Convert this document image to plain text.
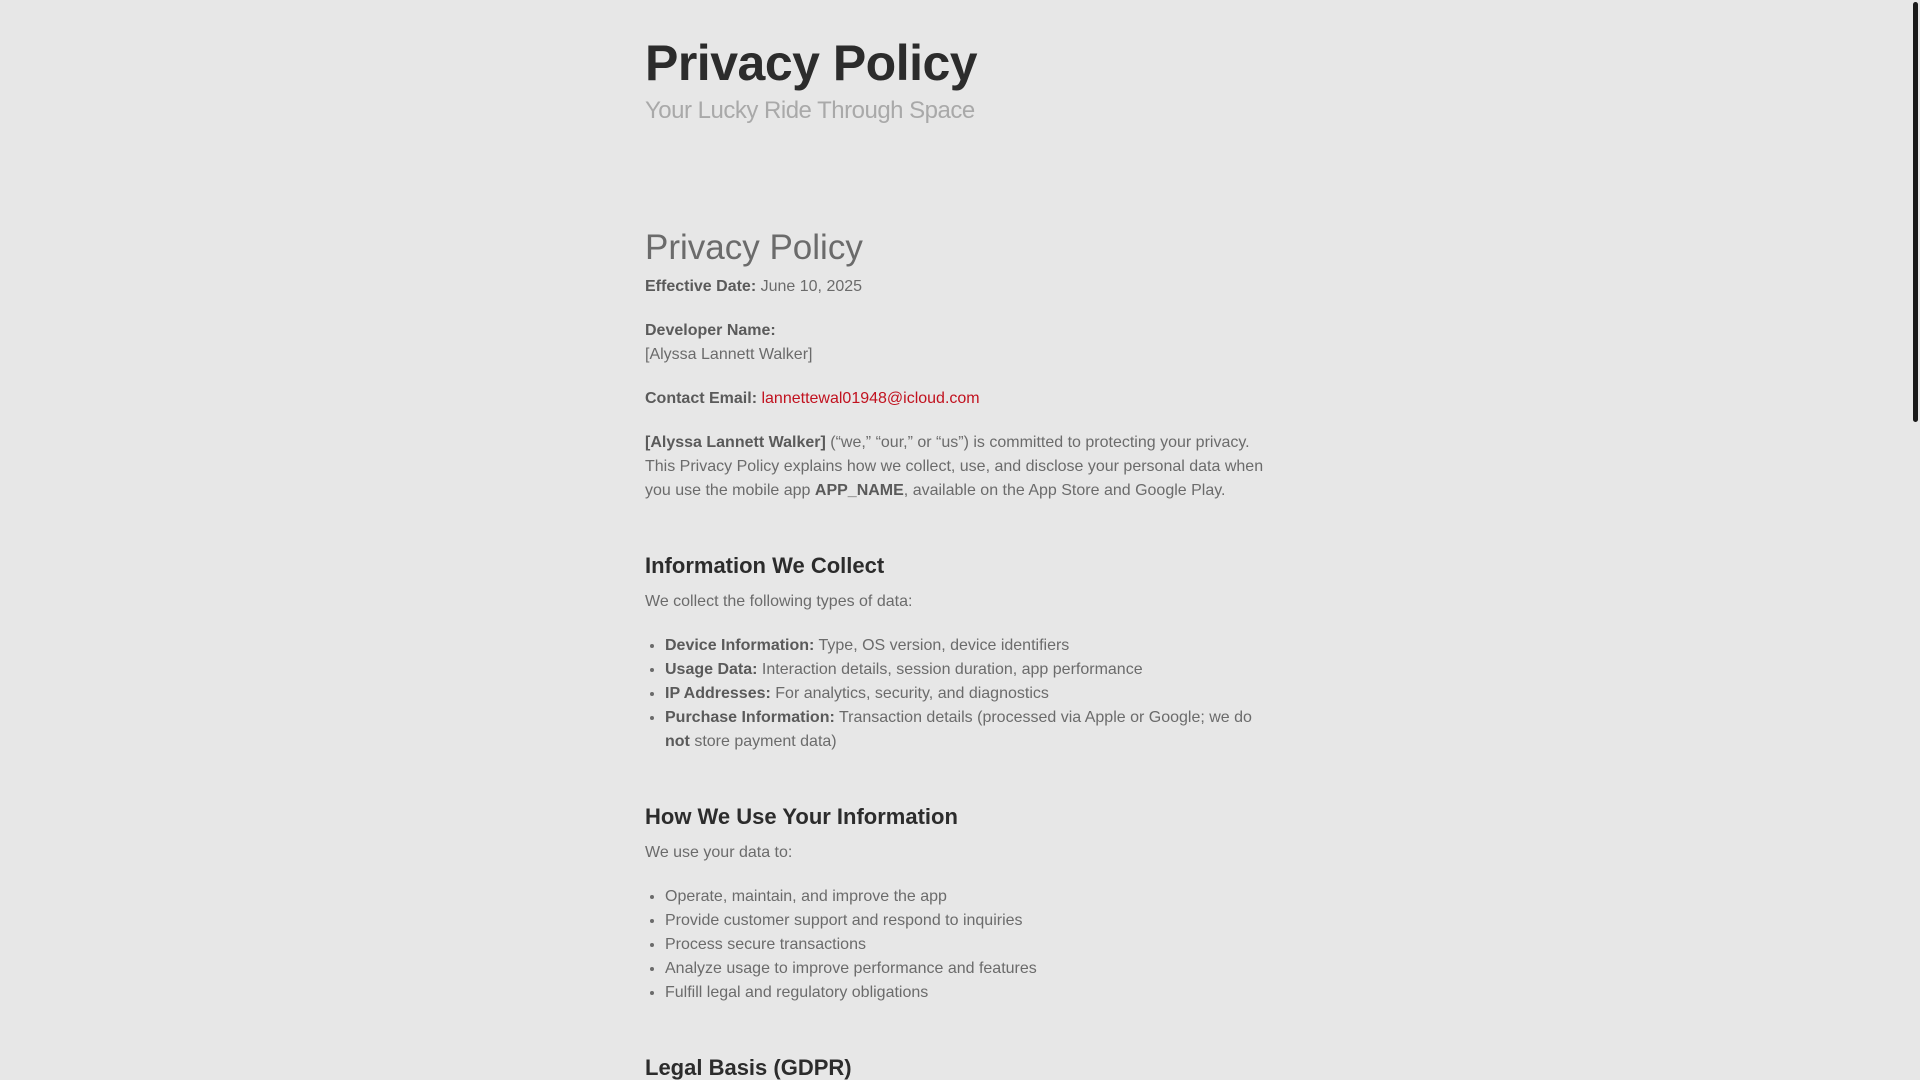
Privacy Policy
Your Lucky Ride Through Space
Privacy Policy

Effective Date: June 10, 2025

Developer Name:
[Alyssa Lannett Walker]

Contact Email: lannettewal01948@icloud.com

[Alyssa Lannett Walker] (“we,” “our,” or “us”) is committed to protecting your privacy. This Privacy Policy explains how we collect, use, and disclose your personal data when you use the mobile app APP_NAME, available on the App Store and Google Play.

Information We Collect

We collect the following types of data:

• Device Information: Type, OS version, device identifiers
• Usage Data: Interaction details, session duration, app performance
• IP Addresses: For analytics, security, and diagnostics
• Purchase Information: Transaction details (processed via Apple or Google; we do not store payment data)
How We Use Your Information

We use your data to:

• Operate, maintain, and improve the app
• Provide customer support and respond to inquiries
• Process secure transactions
• Analyze usage to improve performance and features
• Fulfill legal and regulatory obligations
Legal Basis (GDPR)
